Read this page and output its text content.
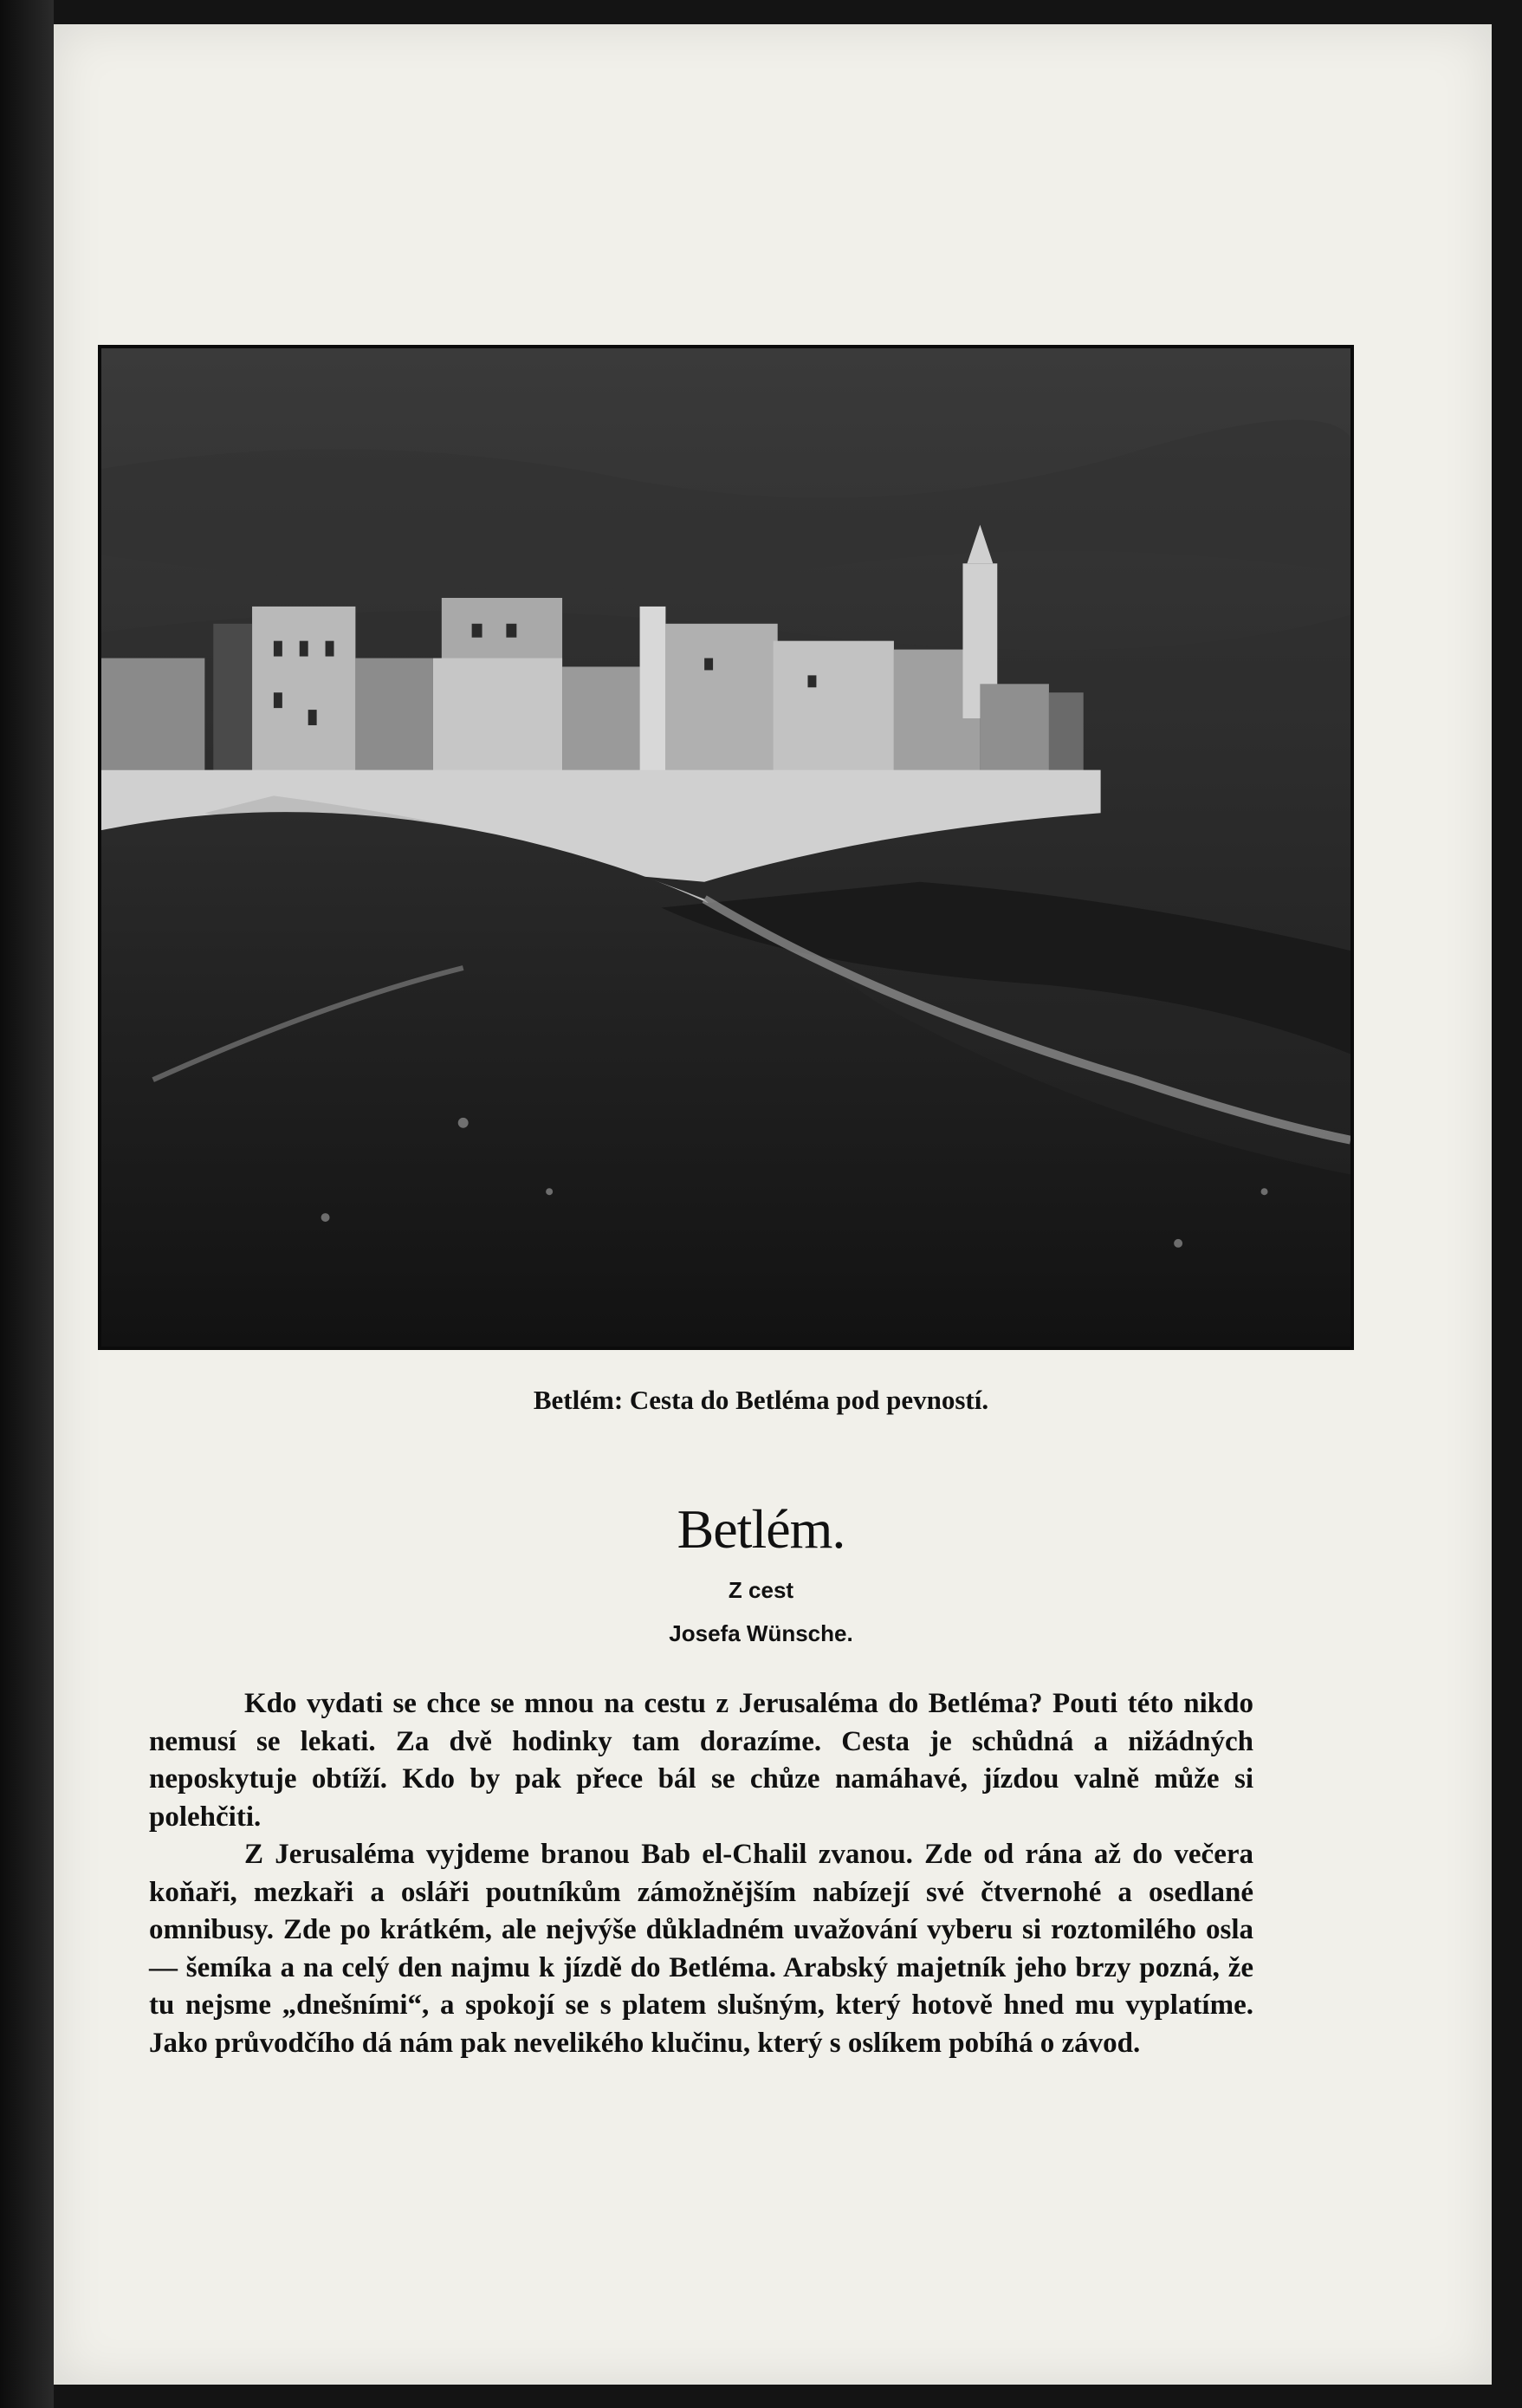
Betlém: Cesta do Betléma pod pevností.
Betlém.
Z cest
Josefa Wünsche.

Kdo vydati se chce se mnou na cestu z Jerusaléma do Betléma? Pouti této nikdo nemusí se lekati. Za dvě hodinky tam dorazíme. Cesta je schůdná a nižádných neposkytuje obtíží. Kdo by pak přece bál se chůze namáhavé, jízdou valně může si polehčiti.

Z Jerusaléma vyjdeme branou Bab el-Chalil zvanou. Zde od rána až do večera koňaři, mezkaři a osláři poutníkům zámožnějším nabízejí své čtvernohé a osedlané omnibusy. Zde po krátkém, ale nejvýše důkladném uvažování vyberu si roztomilého osla — šemíka a na celý den najmu k jízdě do Betléma. Arabský majetník jeho brzy pozná, že tu nejsme „dnešními“, a spokojí se s platem slušným, který hotově hned mu vyplatíme. Jako průvodčího dá nám pak nevelikého klučinu, který s oslíkem pobíhá o závod.
